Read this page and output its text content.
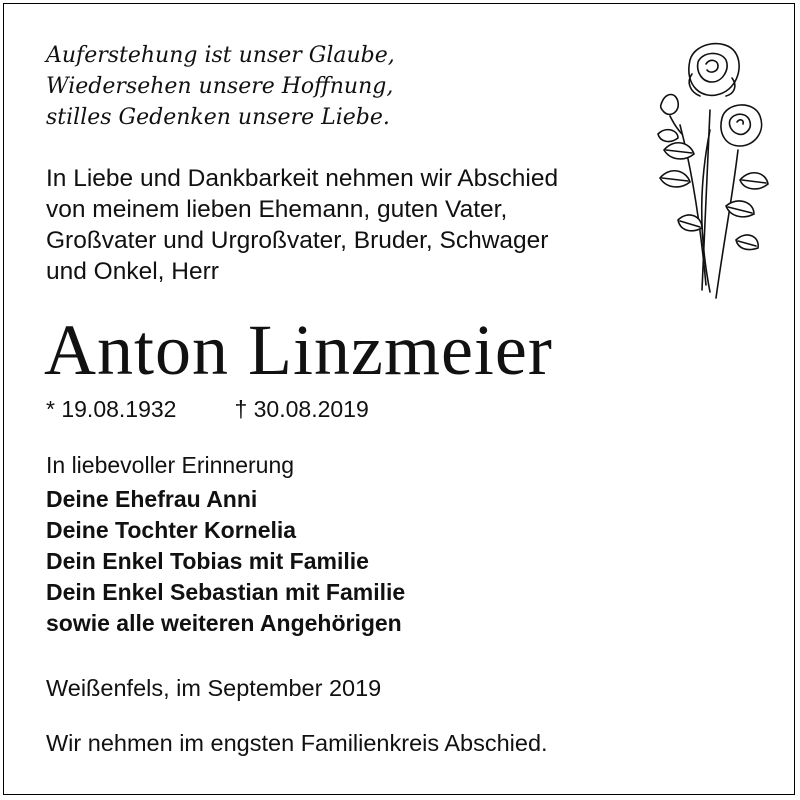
Auferstehung ist unser Glaube,
Wiedersehen unsere Hoffnung,
stilles Gedenken unsere Liebe.
In Liebe und Dankbarkeit nehmen wir Abschied
von meinem lieben Ehemann, guten Vater,
Großvater und Urgroßvater, Bruder, Schwager
und Onkel, Herr
Anton Linzmeier
* 19.08.1932	† 30.08.2019
In liebevoller Erinnerung
Deine Ehefrau Anni
Deine Tochter Kornelia
Dein Enkel Tobias mit Familie
Dein Enkel Sebastian mit Familie
sowie alle weiteren Angehörigen
Weißenfels, im September 2019
Wir nehmen im engsten Familienkreis Abschied.
